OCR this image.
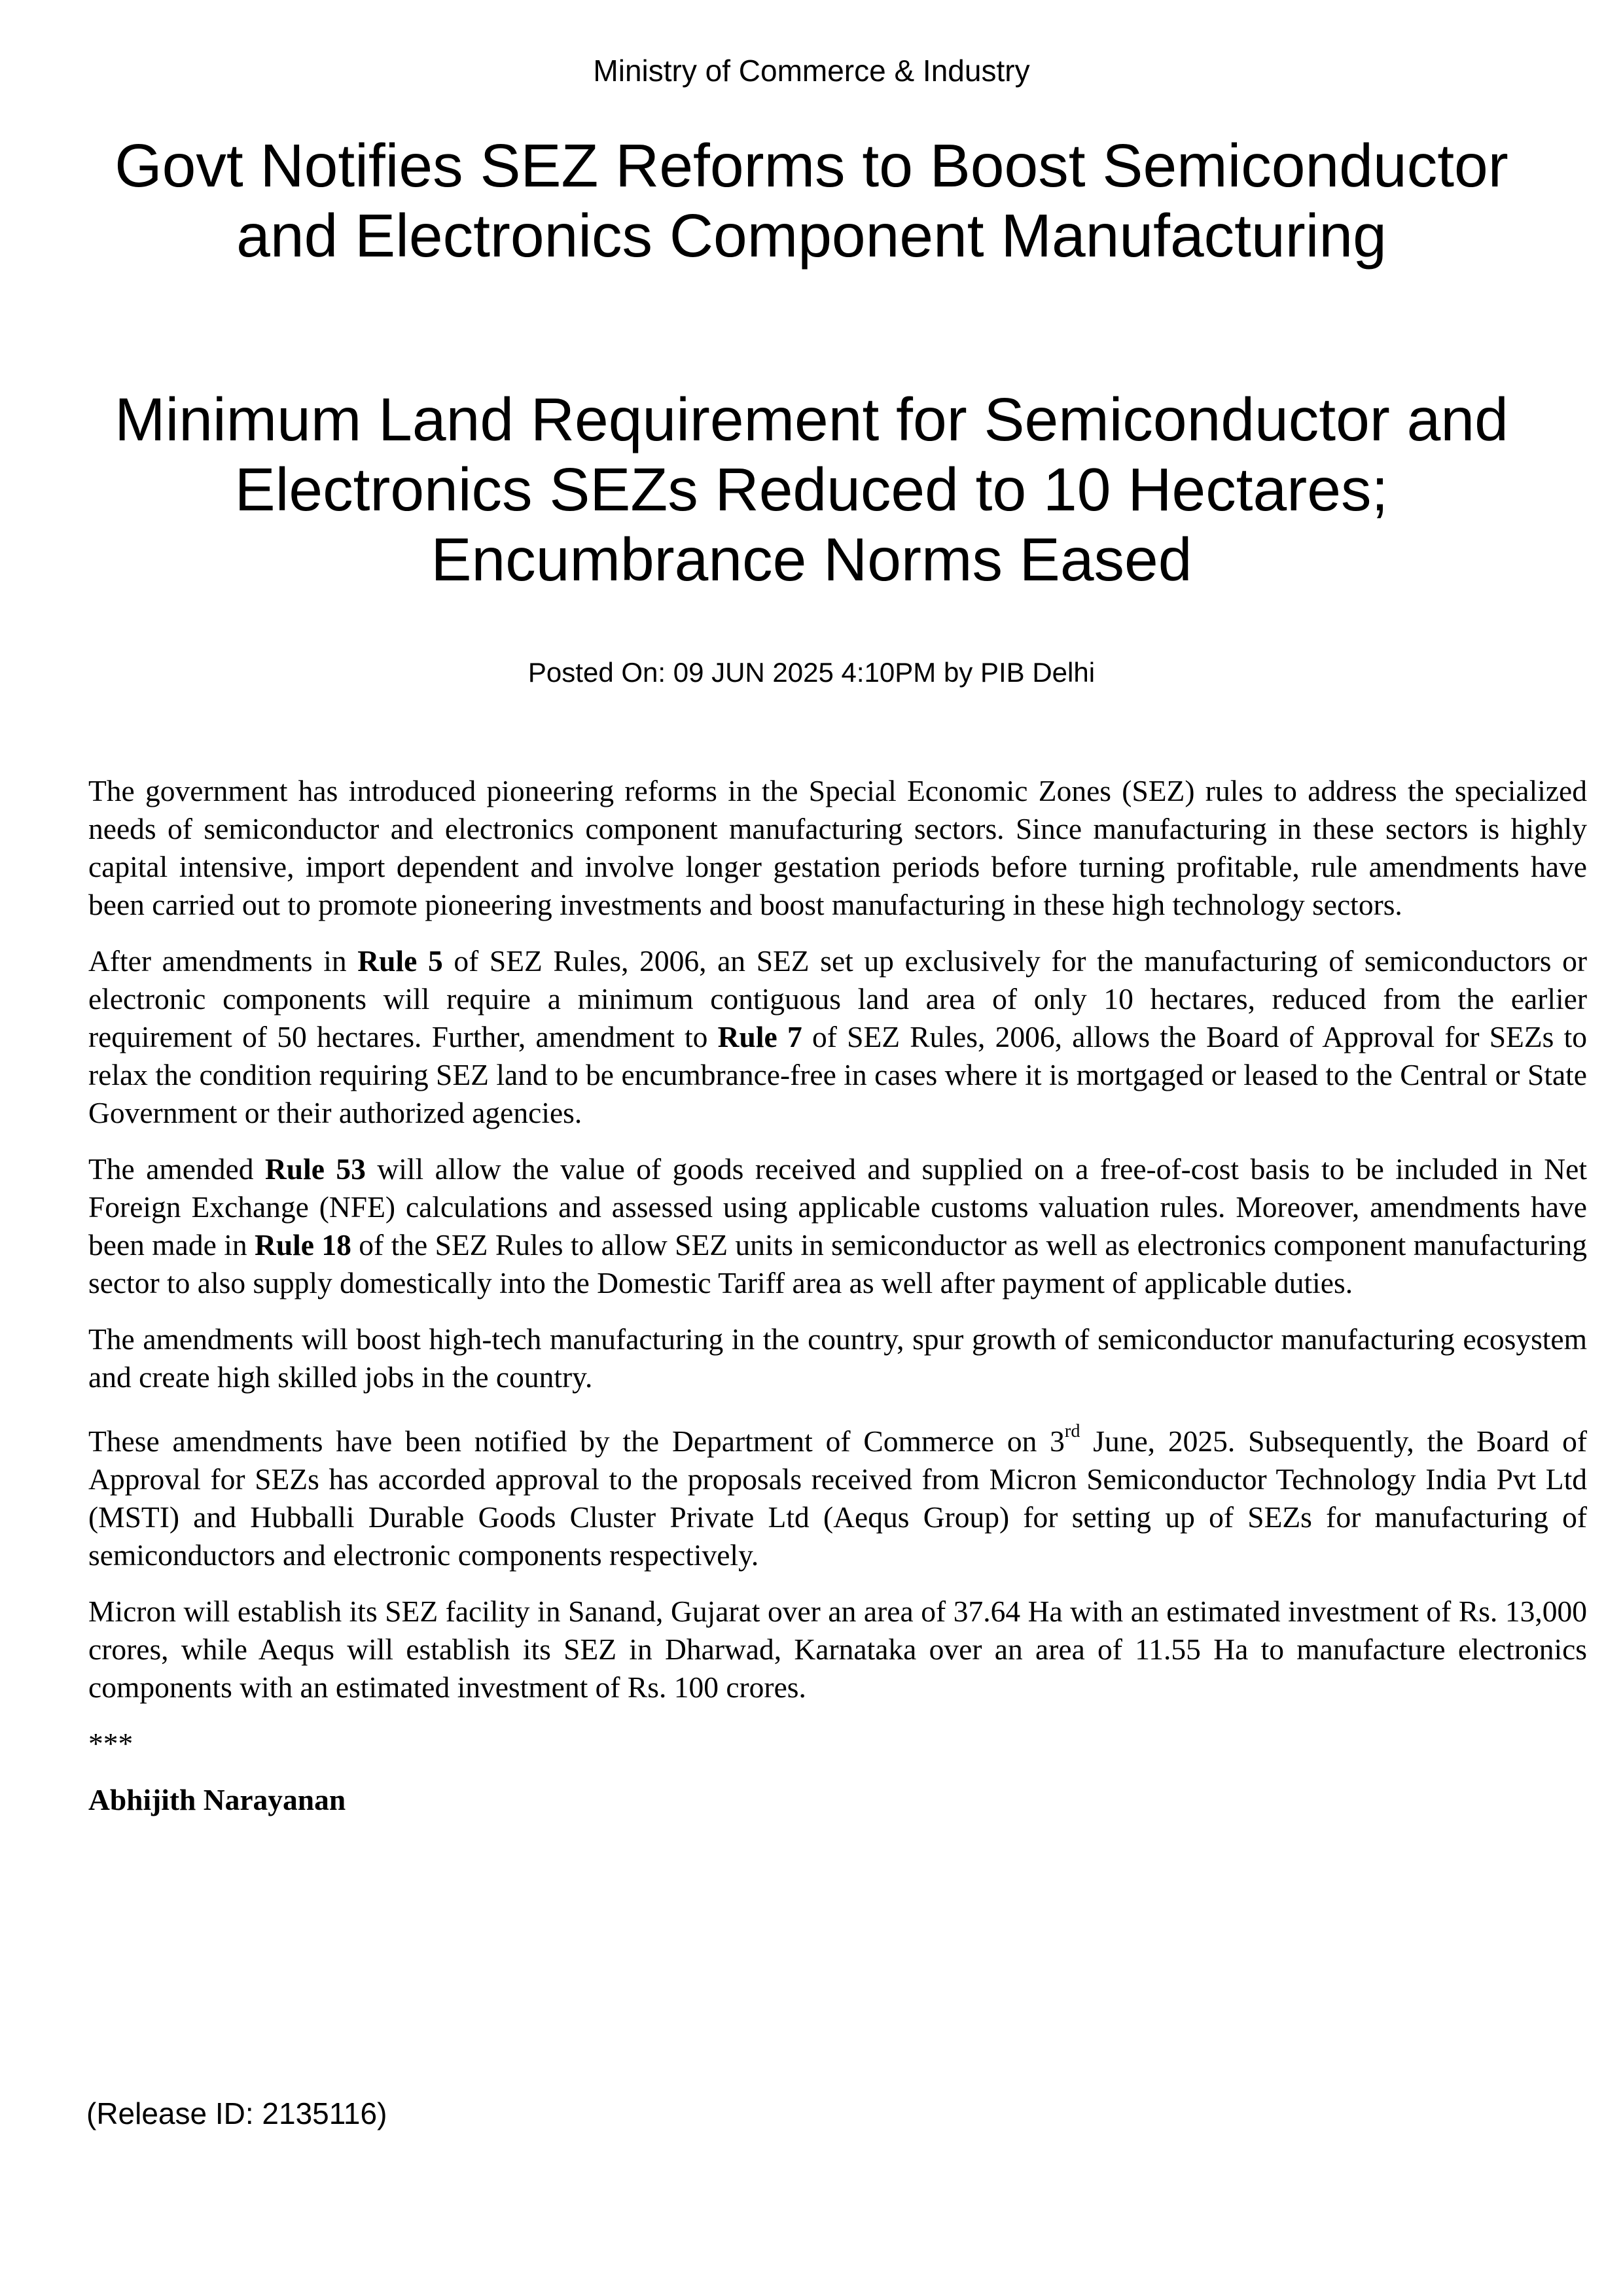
Ministry of Commerce & Industry
Govt Notifies SEZ Reforms to Boost Semiconductor and Electronics Component Manufacturing
Minimum Land Requirement for Semiconductor and Electronics SEZs Reduced to 10 Hectares; Encumbrance Norms Eased
Posted On: 09 JUN 2025 4:10PM by PIB Delhi

The government has introduced pioneering reforms in the Special Economic Zones (SEZ) rules to address the specialized needs of semiconductor and electronics component manufacturing sectors. Since manufacturing in these sectors is highly capital intensive, import dependent and involve longer gestation periods before turning profitable, rule amendments have been carried out to promote pioneering investments and boost manufacturing in these high technology sectors.

After amendments in Rule 5 of SEZ Rules, 2006, an SEZ set up exclusively for the manufacturing of semiconductors or electronic components will require a minimum contiguous land area of only 10 hectares, reduced from the earlier requirement of 50 hectares. Further, amendment to Rule 7 of SEZ Rules, 2006, allows the Board of Approval for SEZs to relax the condition requiring SEZ land to be encumbrance-free in cases where it is mortgaged or leased to the Central or State Government or their authorized agencies.

The amended Rule 53 will allow the value of goods received and supplied on a free-of-cost basis to be included in Net Foreign Exchange (NFE) calculations and assessed using applicable customs valuation rules. Moreover, amendments have been made in Rule 18 of the SEZ Rules to allow SEZ units in semiconductor as well as electronics component manufacturing sector to also supply domestically into the Domestic Tariff area as well after payment of applicable duties.

The amendments will boost high-tech manufacturing in the country, spur growth of semiconductor manufacturing ecosystem and create high skilled jobs in the country.

These amendments have been notified by the Department of Commerce on 3rd June, 2025. Subsequently, the Board of Approval for SEZs has accorded approval to the proposals received from Micron Semiconductor Technology India Pvt Ltd (MSTI) and Hubballi Durable Goods Cluster Private Ltd (Aequs Group) for setting up of SEZs for manufacturing of semiconductors and electronic components respectively.

Micron will establish its SEZ facility in Sanand, Gujarat over an area of 37.64 Ha with an estimated investment of Rs. 13,000 crores, while Aequs will establish its SEZ in Dharwad, Karnataka over an area of 11.55 Ha to manufacture electronics components with an estimated investment of Rs. 100 crores.

***

Abhijith Narayanan

(Release ID: 2135116)
